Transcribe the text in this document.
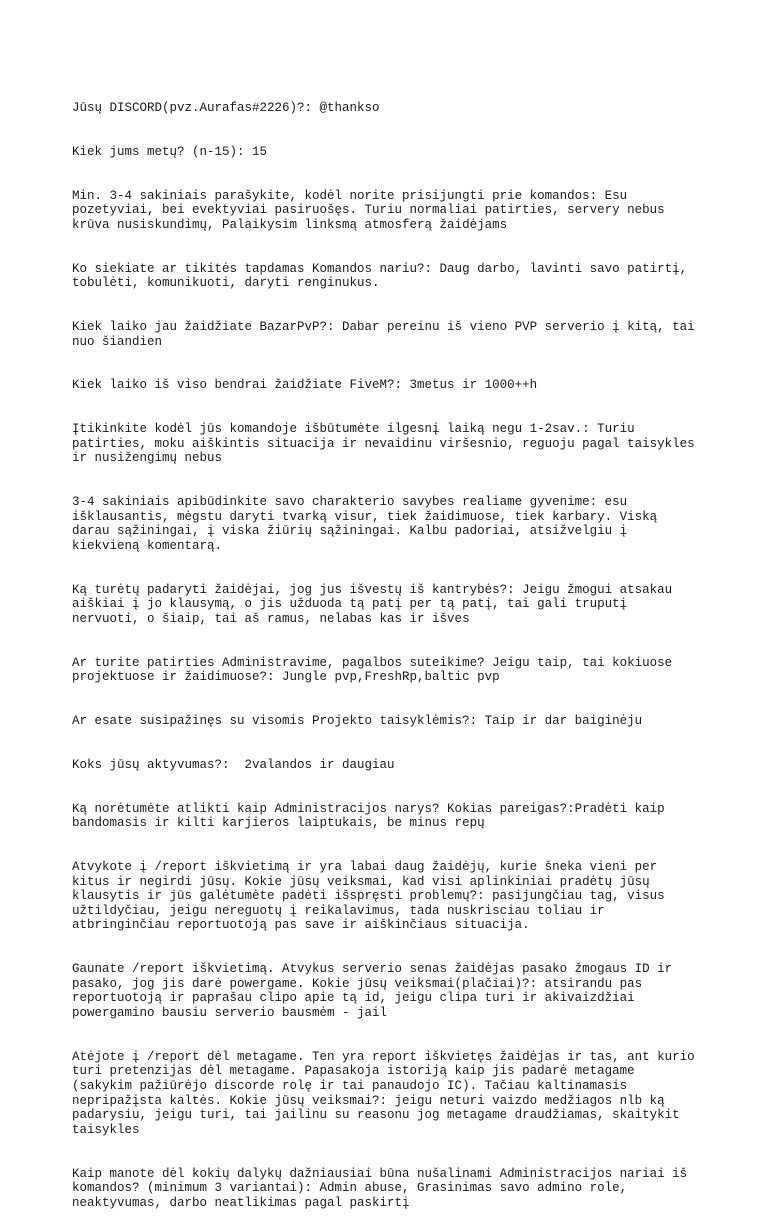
Jūsų DISCORD(pvz.Aurafas#2226)?: @thankso

Kiek jums metų? (n-15): 15

Min. 3-4 sakiniais parašykite, kodėl norite prisijungti prie komandos: Esu pozetyviai, bei evektyviai pasiruošęs. Turiu normaliai patirties, servery nebus krūva nusiskundimų, Palaikysim linksmą atmosferą žaidėjams

Ko siekiate ar tikitės tapdamas Komandos nariu?: Daug darbo, lavinti savo patirtį, tobulėti, komunikuoti, daryti renginukus.

Kiek laiko jau žaidžiate BazarPvP?: Dabar pereinu iš vieno PVP serverio į kitą, tai nuo šiandien

Kiek laiko iš viso bendrai žaidžiate FiveM?: 3metus ir 1000++h

Įtikinkite kodėl jūs komandoje išbūtumėte ilgesnį laiką negu 1-2sav.: Turiu patirties, moku aiškintis situacija ir nevaidinu viršesnio, reguoju pagal taisykles ir nusižengimų nebus

3-4 sakiniais apibūdinkite savo charakterio savybes realiame gyvenime: esu išklausantis, mėgstu daryti tvarką visur, tiek žaidimuose, tiek karbary. Viską darau sąžiningai, į viska žiūrių sąžiningai. Kalbu padoriai, atsižvelgiu į kiekvieną komentarą.

Ką turėtų padaryti žaidėjai, jog jus išvestų iš kantrybės?: Jeigu žmogui atsakau aiškiai į jo klausymą, o jis užduoda tą patį per tą patį, tai gali truputį nervuoti, o šiaip, tai aš ramus, nelabas kas ir išves

Ar turite patirties Administravime, pagalbos suteikime? Jeigu taip, tai kokiuose projektuose ir žaidimuose?: Jungle pvp,FreshRp,baltic pvp

Ar esate susipažinęs su visomis Projekto taisyklėmis?: Taip ir dar baiginėju

Koks jūsų aktyvumas?:  2valandos ir daugiau

Ką norėtumėte atlikti kaip Administracijos narys? Kokias pareigas?:Pradėti kaip bandomasis ir kilti karjieros laiptukais, be minus repų

Atvykote į /report iškvietimą ir yra labai daug žaidėjų, kurie šneka vieni per kitus ir negirdi jūsų. Kokie jūsų veiksmai, kad visi aplinkiniai pradėtų jūsų klausytis ir jūs galėtumėte padėti išspręsti problemų?: pasijungčiau tag, visus užtildyčiau, jeigu nereguotų į reikalavimus, tada nuskrisciau toliau ir atbringinčiau reportuotoją pas save ir aiškinčiaus situacija.

Gaunate /report iškvietimą. Atvykus serverio senas žaidėjas pasako žmogaus ID ir pasako, jog jis darė powergame. Kokie jūsų veiksmai(plačiai)?: atsirandu pas reportuotoją ir paprašau clipo apie tą id, jeigu clipa turi ir akivaizdžiai powergamino bausiu serverio bausmėm - jail

Atėjote į /report dėl metagame. Ten yra report iškvietęs žaidėjas ir tas, ant kurio turi pretenzijas dėl metagame. Papasakoja istoriją kaip jis padarė metagame (sakykim pažiūrėjo discorde rolę ir tai panaudojo IC). Tačiau kaltinamasis nepripažįsta kaltės. Kokie jūsų veiksmai?: jeigu neturi vaizdo medžiagos nlb ką padarysiu, jeigu turi, tai jailinu su reasonu jog metagame draudžiamas, skaitykit taisykles

Kaip manote dėl kokių dalykų dažniausiai būna nušalinami Administracijos nariai iš komandos? (minimum 3 variantai): Admin abuse, Grasinimas savo admino role, neaktyvumas, darbo neatlikimas pagal paskirtį
